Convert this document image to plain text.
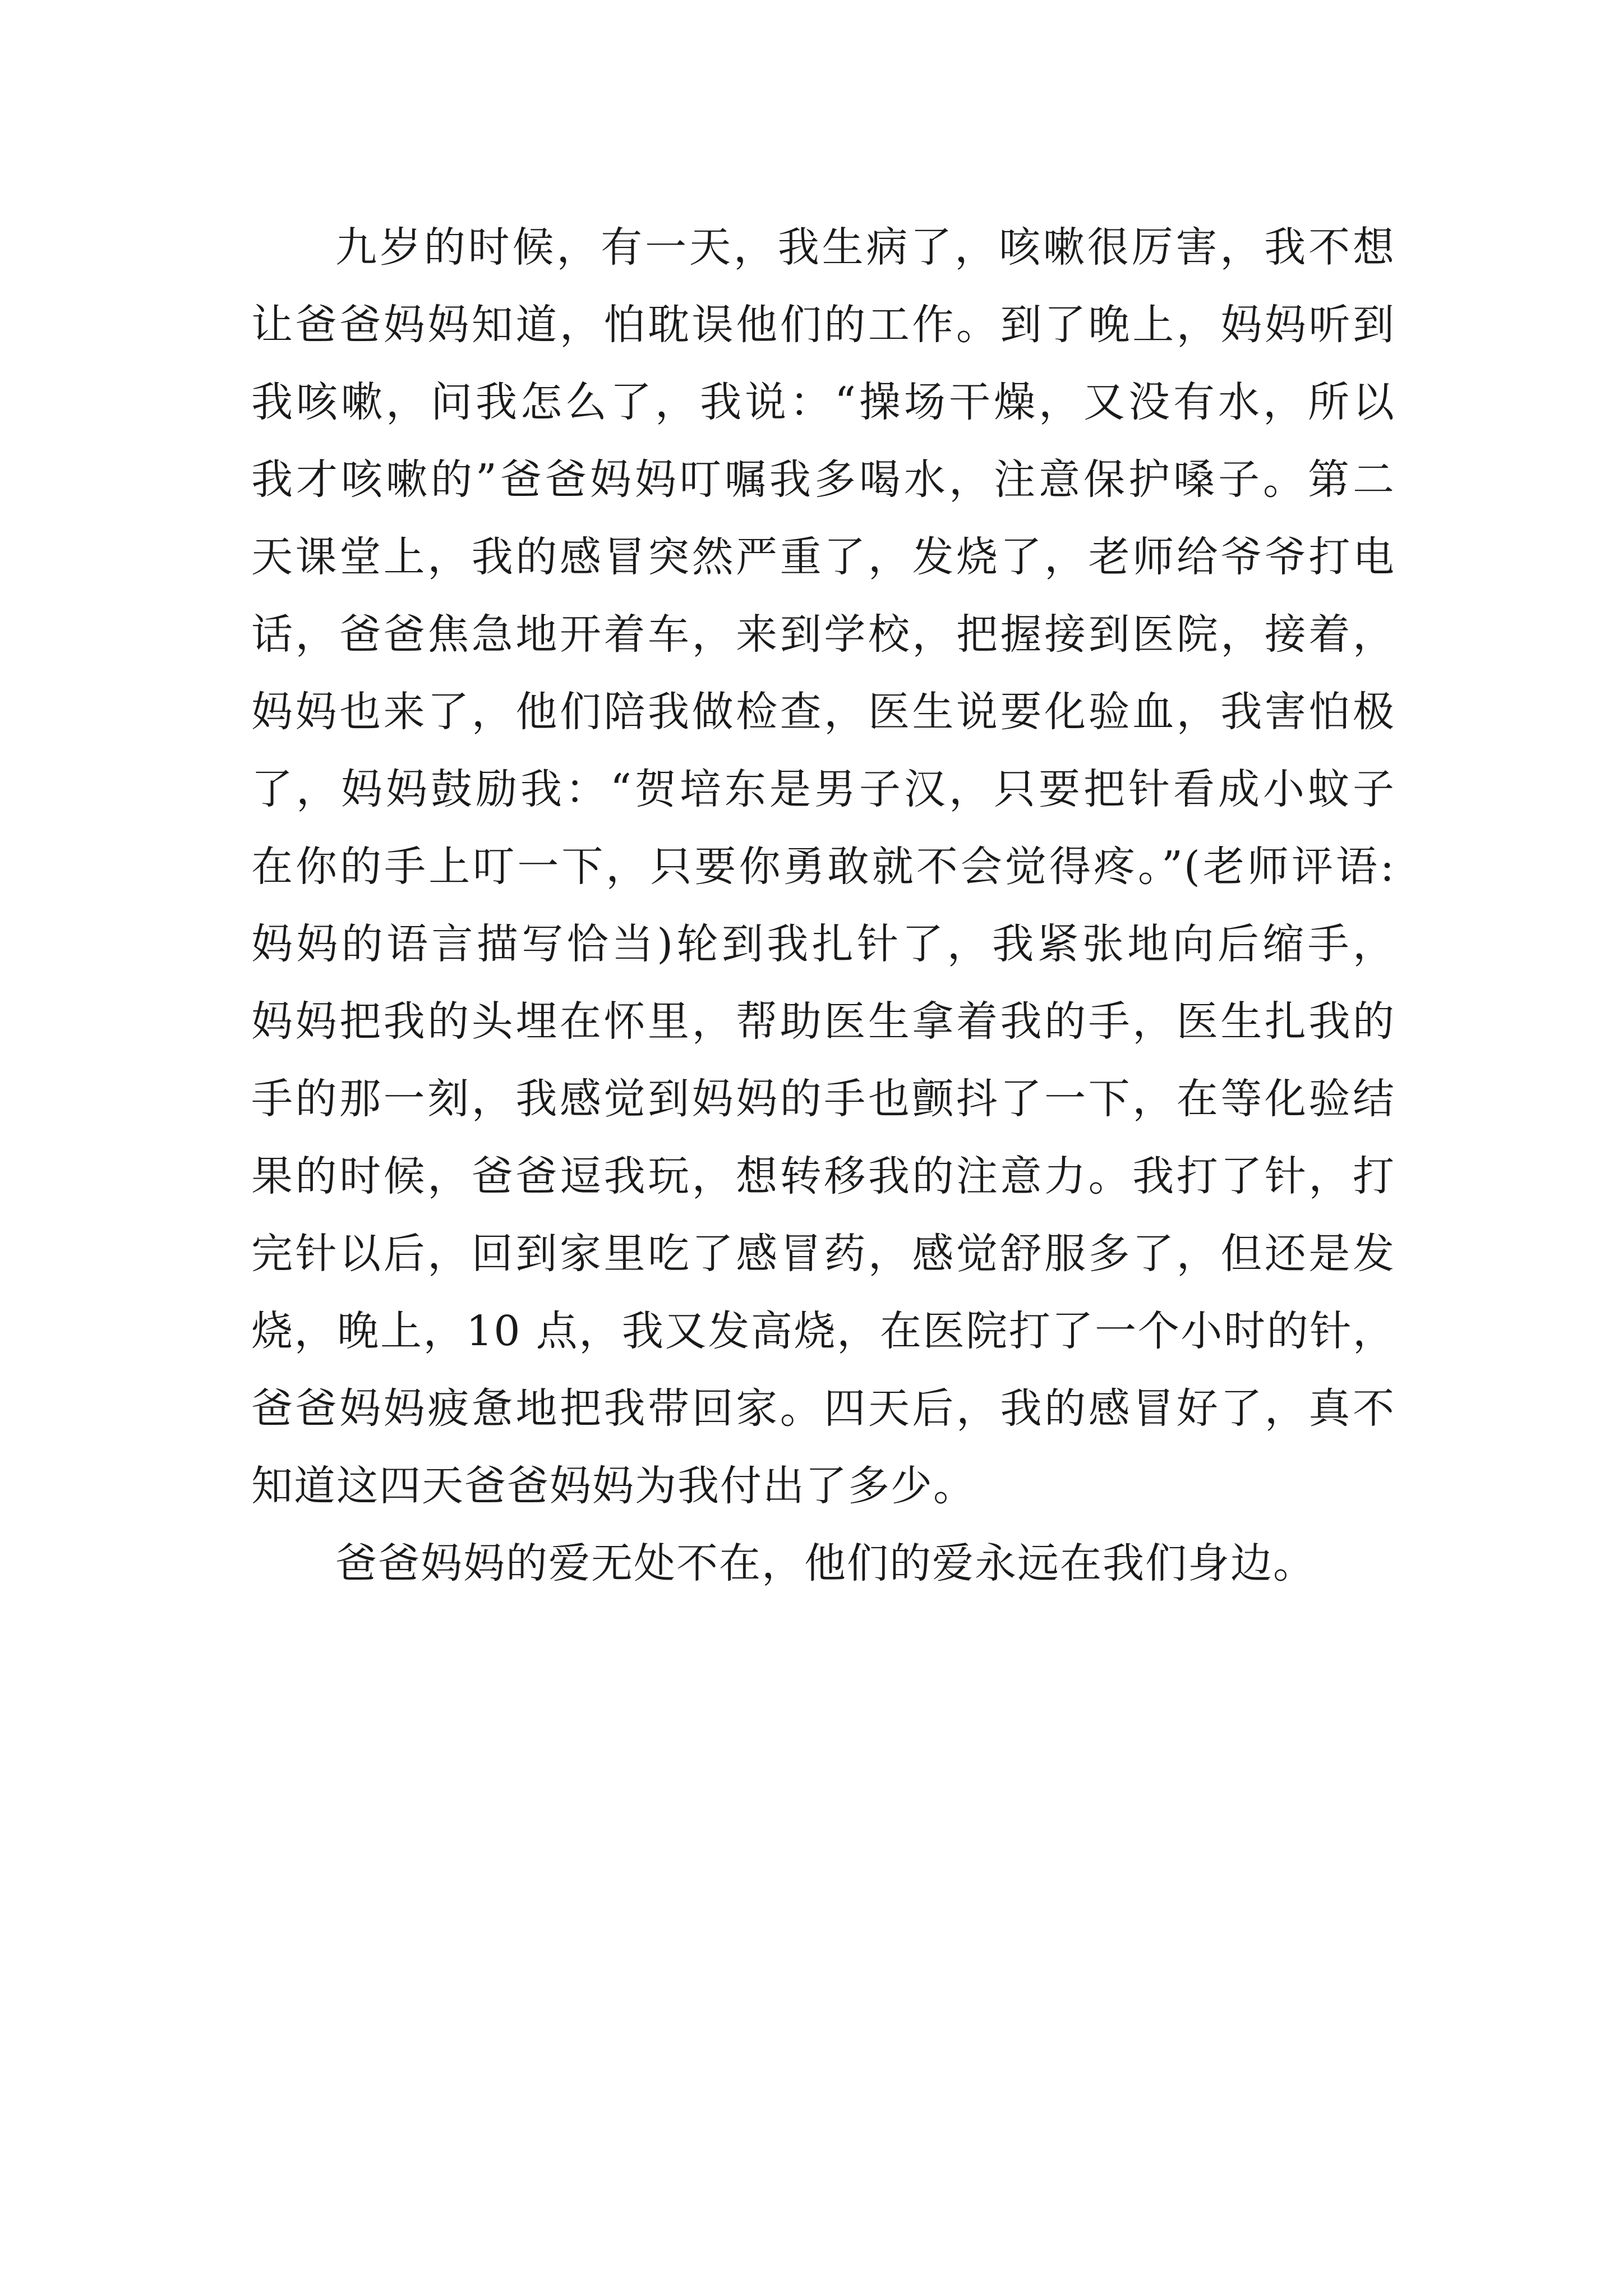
九岁的时候，有一天，我生病了，咳嗽很厉害，我不想
让爸爸妈妈知道，怕耽误他们的工作。到了晚上，妈妈听到
我咳嗽，问我怎么了，我说：“操场干燥，又没有水，所以
我才咳嗽的”爸爸妈妈叮嘱我多喝水，注意保护嗓子。第二
天课堂上，我的感冒突然严重了，发烧了，老师给爷爷打电
话，爸爸焦急地开着车，来到学校，把握接到医院，接着，
妈妈也来了，他们陪我做检查，医生说要化验血，我害怕极
了，妈妈鼓励我：“贺培东是男子汉，只要把针看成小蚊子
在你的手上叮一下，只要你勇敢就不会觉得疼。”(老师评语:
妈妈的语言描写恰当)轮到我扎针了，我紧张地向后缩手，
妈妈把我的头埋在怀里，帮助医生拿着我的手，医生扎我的
手的那一刻，我感觉到妈妈的手也颤抖了一下，在等化验结
果的时候，爸爸逗我玩，想转移我的注意力。我打了针，打
完针以后，回到家里吃了感冒药，感觉舒服多了，但还是发
烧，晚上，10 点，我又发高烧，在医院打了一个小时的针，
爸爸妈妈疲惫地把我带回家。四天后，我的感冒好了，真不
知道这四天爸爸妈妈为我付出了多少。
爸爸妈妈的爱无处不在，他们的爱永远在我们身边。
